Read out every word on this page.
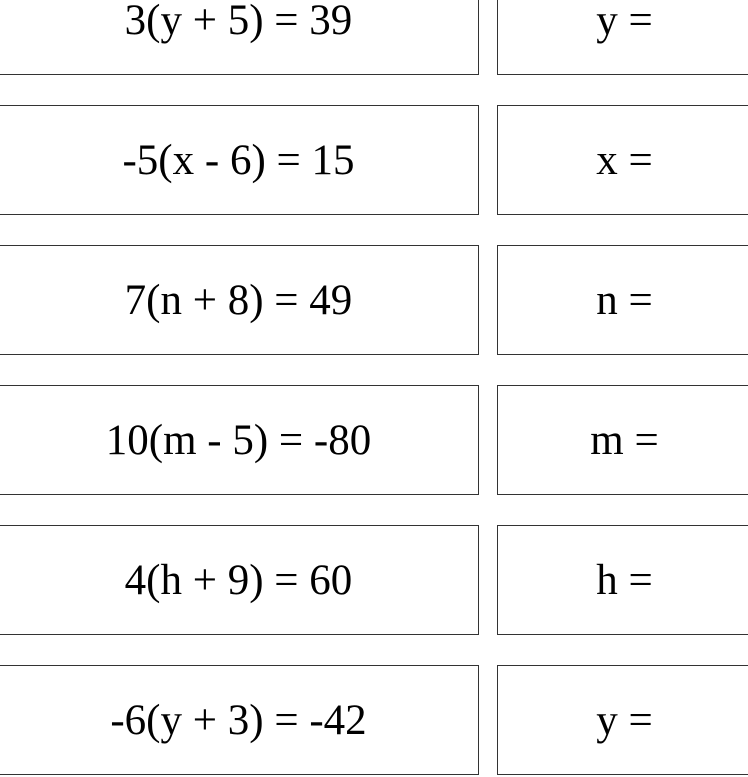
3(y + 5) = 39	y =
-5(x - 6) = 15	x =
7(n + 8) = 49	n =
10(m - 5) = -80	m =
4(h + 9) = 60	h =
-6(y + 3) = -42	y =
